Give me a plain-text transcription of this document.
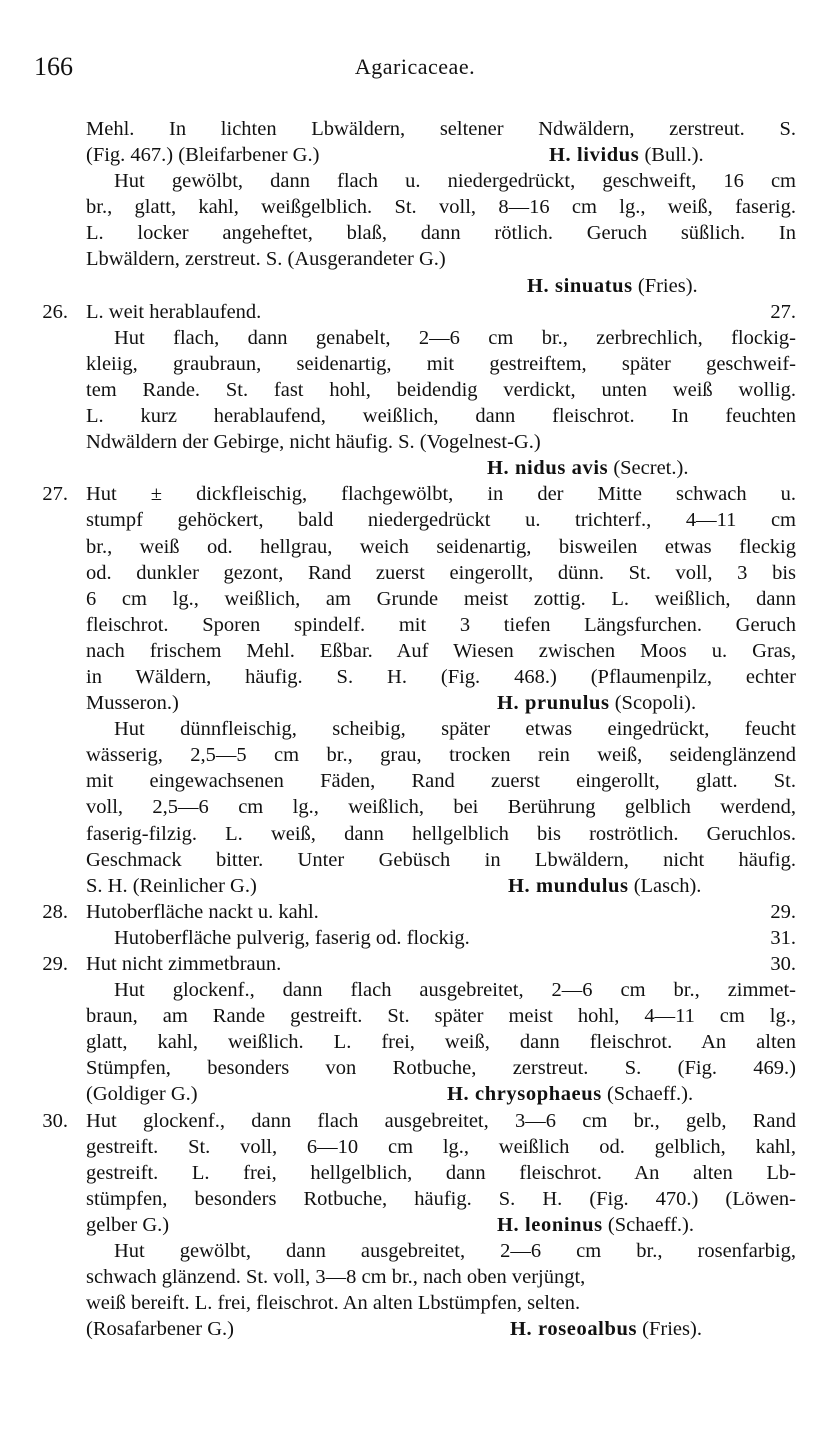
166	Agaricaceae.
Mehl. In lichten Lbwäldern, seltener Ndwäldern, zerstreut. S.
(Fig. 467.) (Bleifarbener G.)	H. lividus (Bull.).
Hut gewölbt, dann flach u. niedergedrückt, geschweift, 16 cm
br., glatt, kahl, weißgelblich. St. voll, 8—16 cm lg., weiß, faserig.
L. locker angeheftet, blaß, dann rötlich. Geruch süßlich. In
Lbwäldern, zerstreut. S. (Ausgerandeter G.)
H. sinuatus (Fries).
26. L. weit herablaufend.	27.
Hut flach, dann genabelt, 2—6 cm br., zerbrechlich, flockig-
kleiig, graubraun, seidenartig, mit gestreiftem, später geschweif-
tem Rande. St. fast hohl, beidendig verdickt, unten weiß wollig.
L. kurz herablaufend, weißlich, dann fleischrot. In feuchten
Ndwäldern der Gebirge, nicht häufig. S. (Vogelnest-G.)
H. nidus avis (Secret.).
27. Hut ± dickfleischig, flachgewölbt, in der Mitte schwach u.
stumpf gehöckert, bald niedergedrückt u. trichterf., 4—11 cm
br., weiß od. hellgrau, weich seidenartig, bisweilen etwas fleckig
od. dunkler gezont, Rand zuerst eingerollt, dünn. St. voll, 3 bis
6 cm lg., weißlich, am Grunde meist zottig. L. weißlich, dann
fleischrot. Sporen spindelf. mit 3 tiefen Längsfurchen. Geruch
nach frischem Mehl. Eßbar. Auf Wiesen zwischen Moos u. Gras,
in Wäldern, häufig. S. H. (Fig. 468.) (Pflaumenpilz, echter
Musseron.)	H. prunulus (Scopoli).
Hut dünnfleischig, scheibig, später etwas eingedrückt, feucht
wässerig, 2,5—5 cm br., grau, trocken rein weiß, seidenglänzend
mit eingewachsenen Fäden, Rand zuerst eingerollt, glatt. St.
voll, 2,5—6 cm lg., weißlich, bei Berührung gelblich werdend,
faserig-filzig. L. weiß, dann hellgelblich bis roströtlich. Geruchlos.
Geschmack bitter. Unter Gebüsch in Lbwäldern, nicht häufig.
S. H. (Reinlicher G.)	H. mundulus (Lasch).
28. Hutoberfläche nackt u. kahl.	29.
Hutoberfläche pulverig, faserig od. flockig.	31.
29. Hut nicht zimmetbraun.	30.
Hut glockenf., dann flach ausgebreitet, 2—6 cm br., zimmet-
braun, am Rande gestreift. St. später meist hohl, 4—11 cm lg.,
glatt, kahl, weißlich. L. frei, weiß, dann fleischrot. An alten
Stümpfen, besonders von Rotbuche, zerstreut. S. (Fig. 469.)
(Goldiger G.)	H. chrysophaeus (Schaeff.).
30. Hut glockenf., dann flach ausgebreitet, 3—6 cm br., gelb, Rand
gestreift. St. voll, 6—10 cm lg., weißlich od. gelblich, kahl,
gestreift. L. frei, hellgelblich, dann fleischrot. An alten Lb-
stümpfen, besonders Rotbuche, häufig. S. H. (Fig. 470.) (Löwen-
gelber G.)	H. leoninus (Schaeff.).
Hut gewölbt, dann ausgebreitet, 2—6 cm br., rosenfarbig,
schwach glänzend. St. voll, 3—8 cm br., nach oben verjüngt,
weiß bereift. L. frei, fleischrot. An alten Lbstümpfen, selten.
(Rosafarbener G.)	H. roseoalbus (Fries).
